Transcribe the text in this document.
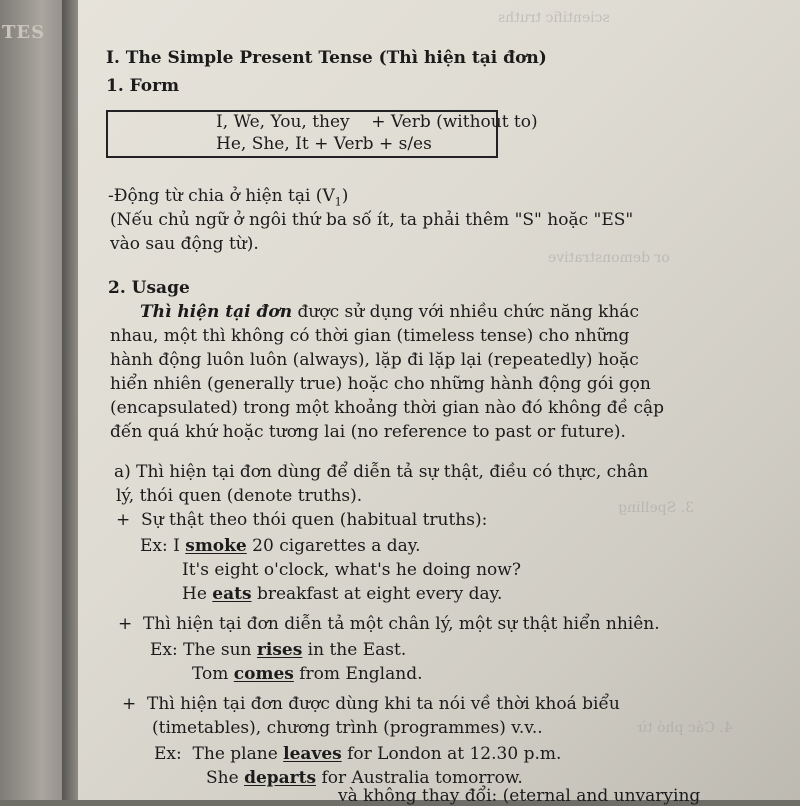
TES
scientific truths
or demonstrative
3. Spelling
4. Các phó từ
I. The Simple Present Tense (Thì hiện tại đơn)
1. Form
I, We, You, they    + Verb (without to)
He, She, It + Verb + s/es
-Động từ chia ở hiện tại $(V_1)$
(Nếu chủ ngữ ở ngôi thứ ba số ít, ta phải thêm "S" hoặc "ES"
vào sau động từ).
2. Usage
Thì hiện tại đơn được sử dụng với nhiều chức năng khác
nhau, một thì không có thời gian (timeless tense) cho những
hành động luôn luôn (always), lặp đi lặp lại (repeatedly) hoặc
hiển nhiên (generally true) hoặc cho những hành động gói gọn
(encapsulated) trong một khoảng thời gian nào đó không đề cập
đến quá khứ hoặc tương lai (no reference to past or future).
a) Thì hiện tại đơn dùng để diễn tả sự thật, điều có thực, chân
lý, thói quen (denote truths).
+  Sự thật theo thói quen (habitual truths):
Ex: I smoke 20 cigarettes a day.
It's eight o'clock, what's he doing now?
He eats breakfast at eight every day.
+  Thì hiện tại đơn diễn tả một chân lý, một sự thật hiển nhiên.
Ex: The sun rises in the East.
Tom comes from England.
+  Thì hiện tại đơn được dùng khi ta nói về thời khoá biểu
(timetables), chương trình (programmes) v.v..
Ex:  The plane leaves for London at 12.30 p.m.
She departs for Australia tomorrow.
và không thay đổi: (eternal and unvarying
